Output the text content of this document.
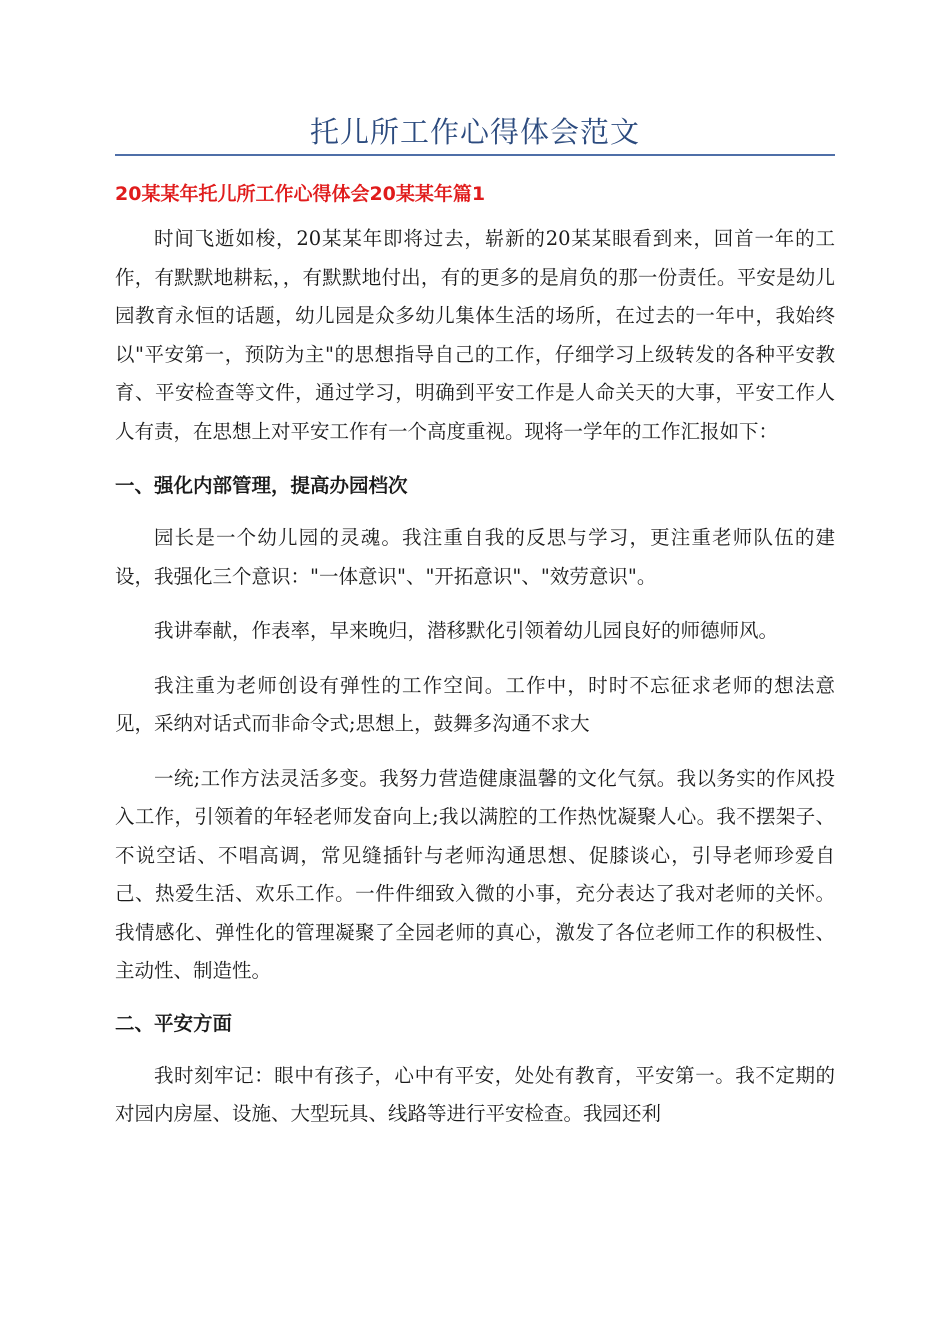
托儿所工作心得体会范文
20某某年托儿所工作心得体会20某某年篇1

时间飞逝如梭，20某某年即将过去，崭新的20某某眼看到来，回首一年的工作，有默默地耕耘，，有默默地付出，有的更多的是肩负的那一份责任。平安是幼儿园教育永恒的话题，幼儿园是众多幼儿集体生活的场所，在过去的一年中，我始终以"平安第一，预防为主"的思想指导自己的工作，仔细学习上级转发的各种平安教育、平安检查等文件，通过学习，明确到平安工作是人命关天的大事，平安工作人人有责，在思想上对平安工作有一个高度重视。现将一学年的工作汇报如下：

一、强化内部管理，提高办园档次

园长是一个幼儿园的灵魂。我注重自我的反思与学习，更注重老师队伍的建设，我强化三个意识："一体意识"、"开拓意识"、"效劳意识"。

我讲奉献，作表率，早来晚归，潜移默化引领着幼儿园良好的师德师风。

我注重为老师创设有弹性的工作空间。工作中，时时不忘征求老师的想法意见，采纳对话式而非命令式;思想上，鼓舞多沟通不求大

一统;工作方法灵活多变。我努力营造健康温馨的文化气氛。我以务实的作风投入工作，引领着的年轻老师发奋向上;我以满腔的工作热忱凝聚人心。我不摆架子、不说空话、不唱高调，常见缝插针与老师沟通思想、促膝谈心，引导老师珍爱自己、热爱生活、欢乐工作。一件件细致入微的小事，充分表达了我对老师的关怀。我情感化、弹性化的管理凝聚了全园老师的真心，激发了各位老师工作的积极性、主动性、制造性。

二、平安方面

我时刻牢记：眼中有孩子，心中有平安，处处有教育，平安第一。我不定期的对园内房屋、设施、大型玩具、线路等进行平安检查。我园还利
